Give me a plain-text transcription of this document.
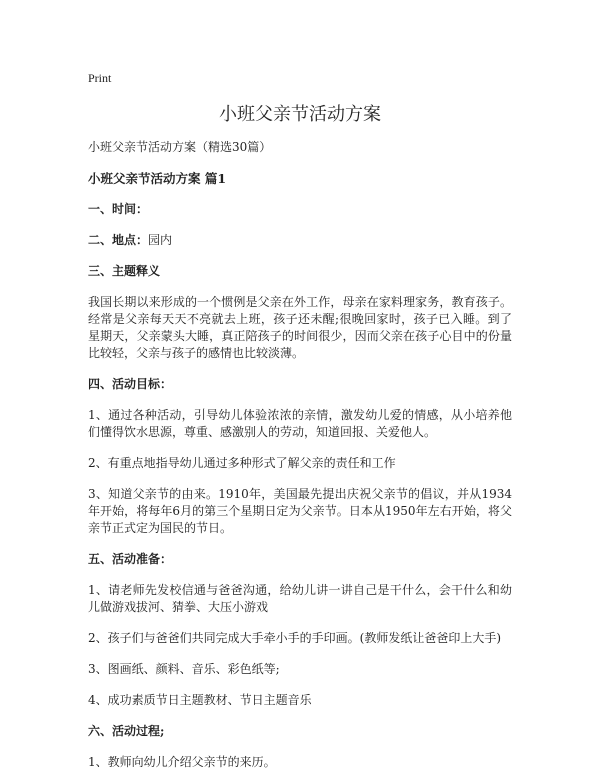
Print
小班父亲节活动方案
小班父亲节活动方案（精选30篇）
小班父亲节活动方案 篇1
一、时间：
二、地点：园内
三、主题释义

我国长期以来形成的一个惯例是父亲在外工作，母亲在家料理家务，教育孩子。经常是父亲每天天不亮就去上班，孩子还未醒;很晚回家时，孩子已入睡。到了星期天，父亲蒙头大睡，真正陪孩子的时间很少，因而父亲在孩子心目中的份量比较轻，父亲与孩子的感情也比较淡薄。

四、活动目标：

1、通过各种活动，引导幼儿体验浓浓的亲情，激发幼儿爱的情感，从小培养他们懂得饮水思源，尊重、感激别人的劳动，知道回报、关爱他人。

2、有重点地指导幼儿通过多种形式了解父亲的责任和工作

3、知道父亲节的由来。1910年，美国最先提出庆祝父亲节的倡议，并从1934年开始，将每年6月的第三个星期日定为父亲节。日本从1950年左右开始，将父亲节正式定为国民的节日。

五、活动准备：

1、请老师先发校信通与爸爸沟通，给幼儿讲一讲自己是干什么，会干什么和幼儿做游戏拔河、猜拳、大压小游戏

2、孩子们与爸爸们共同完成大手牵小手的手印画。(教师发纸让爸爸印上大手)

3、图画纸、颜料、音乐、彩色纸等;

4、成功素质节日主题教材、节日主题音乐

六、活动过程;

1、教师向幼儿介绍父亲节的来历。
